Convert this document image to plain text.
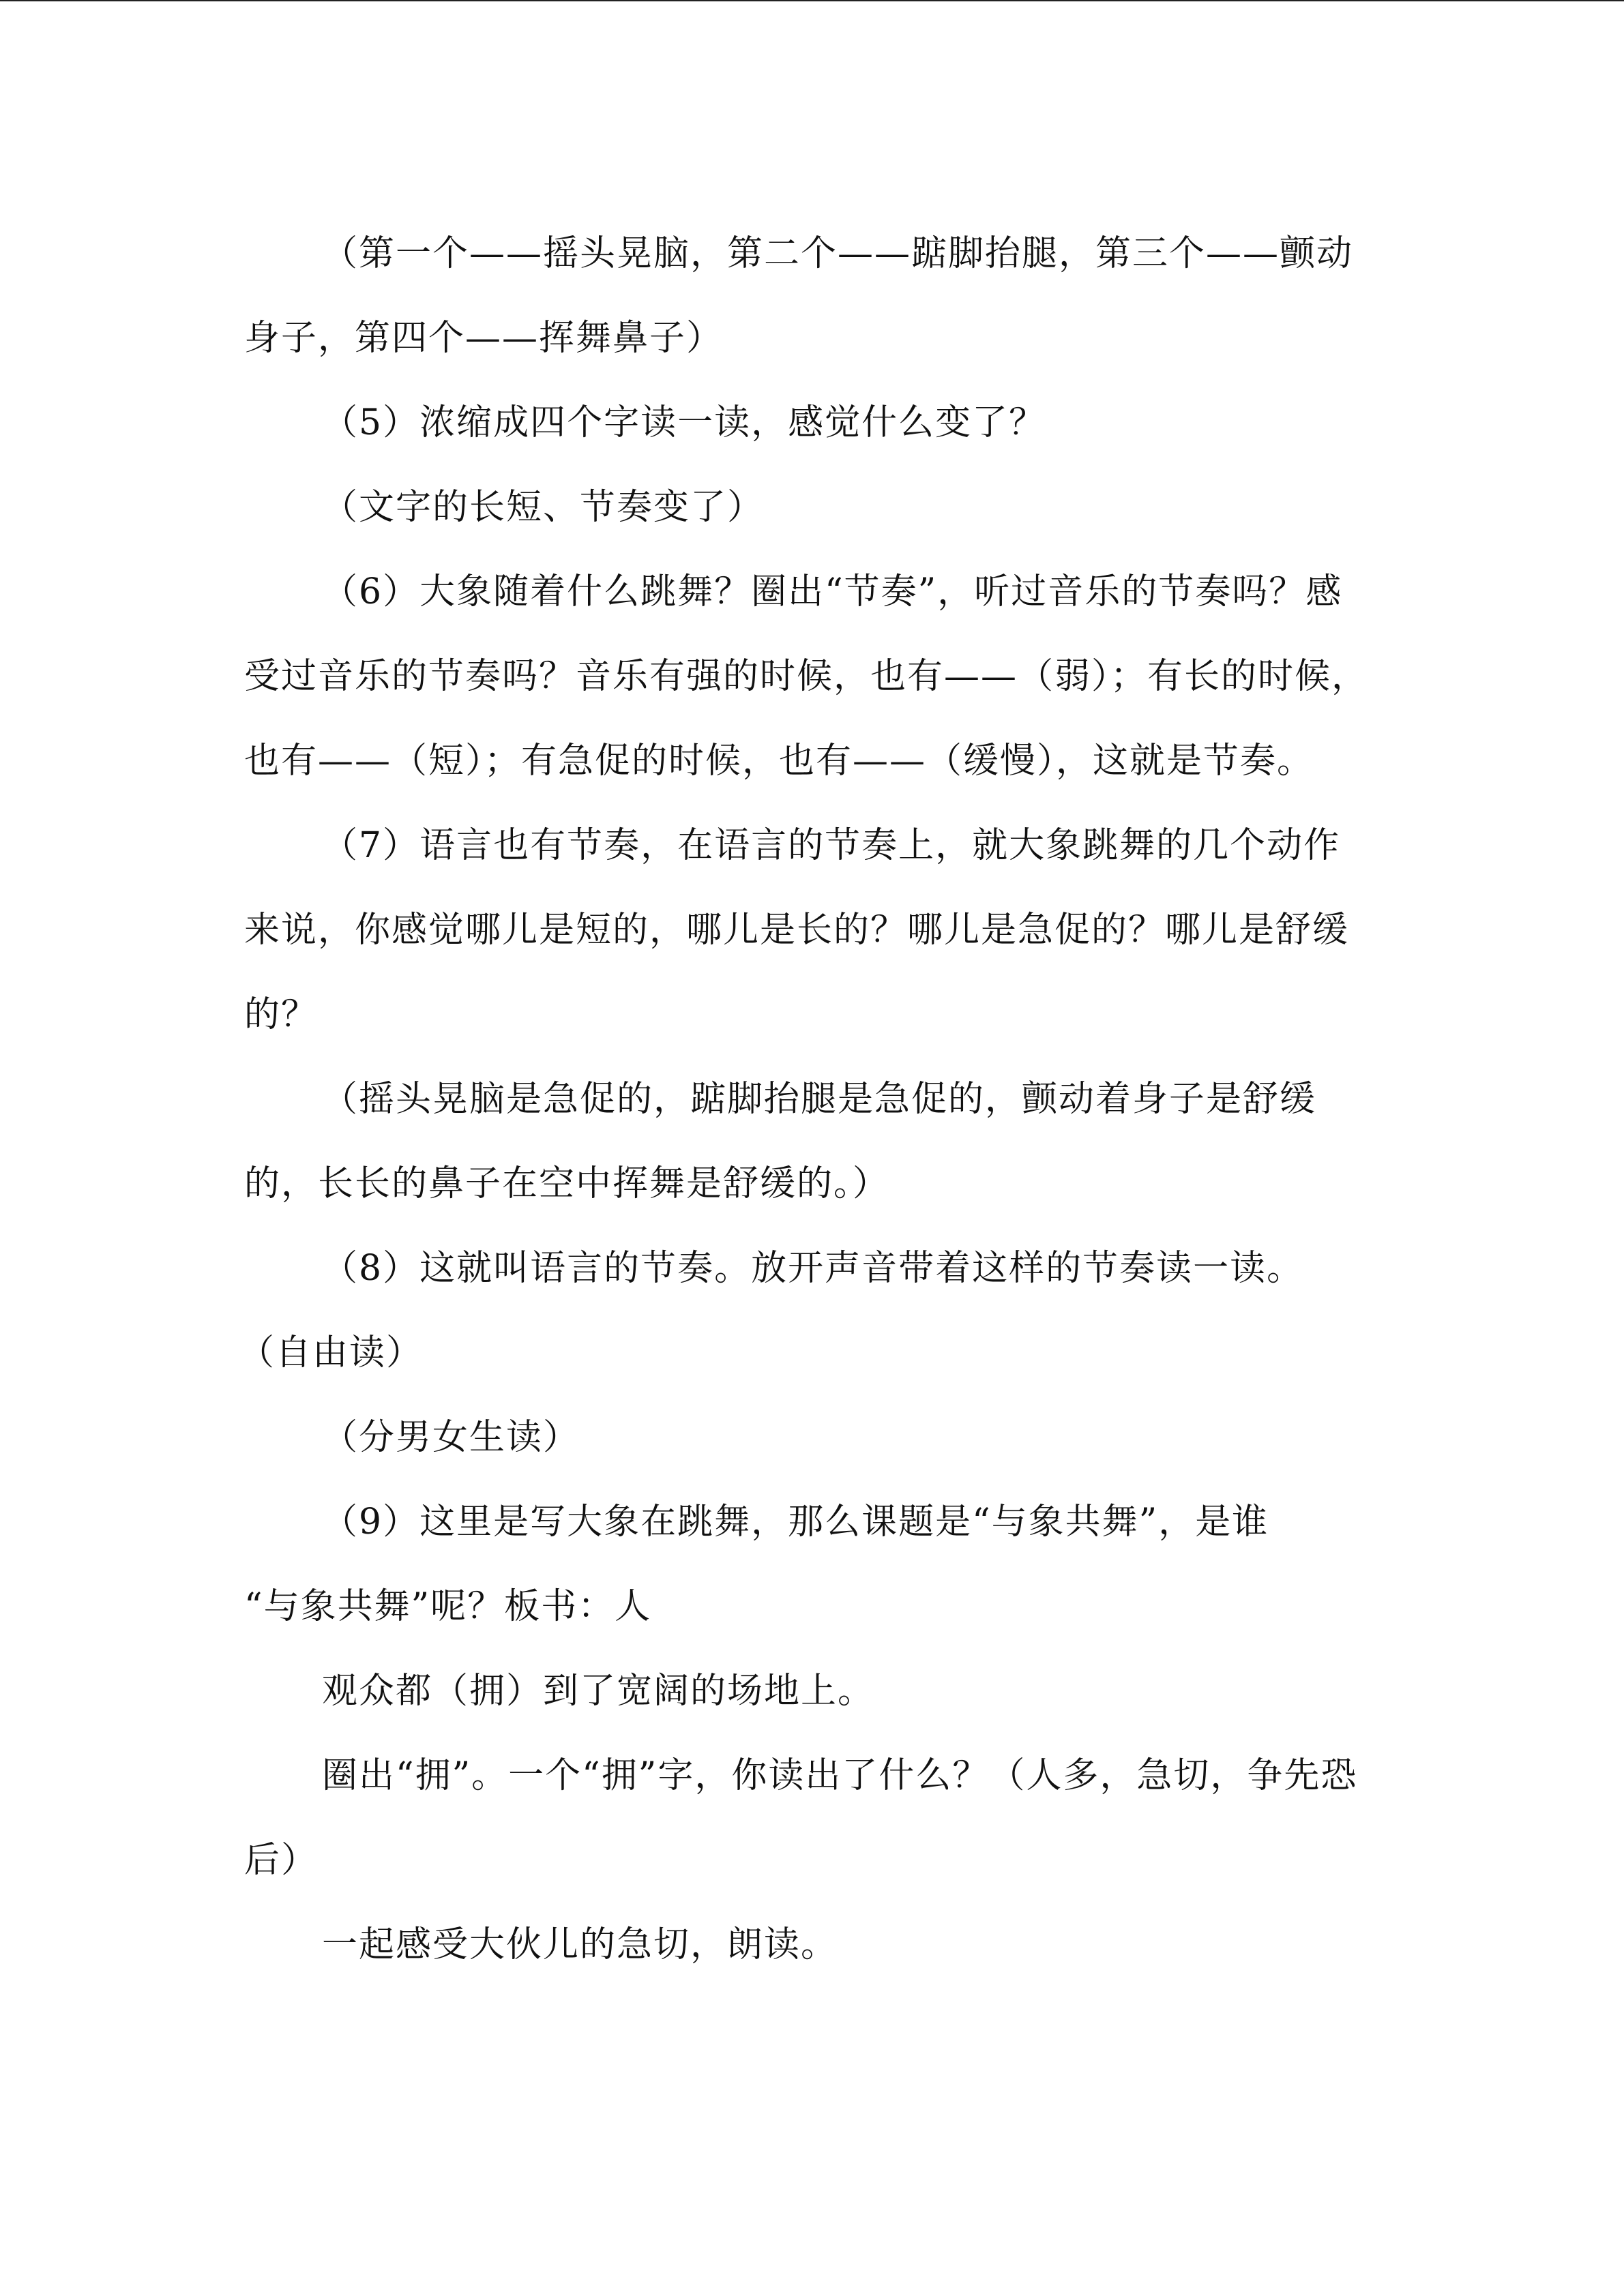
（第一个——摇头晃脑，第二个——踮脚抬腿，第三个——颤动身子，第四个——挥舞鼻子）

（5）浓缩成四个字读一读，感觉什么变了？

（文字的长短、节奏变了）

（6）大象随着什么跳舞？圈出“节奏”，听过音乐的节奏吗？感受过音乐的节奏吗？音乐有强的时候，也有——（弱）；有长的时候，也有——（短）；有急促的时候，也有——（缓慢），这就是节奏。

（7）语言也有节奏，在语言的节奏上，就大象跳舞的几个动作来说，你感觉哪儿是短的，哪儿是长的？哪儿是急促的？哪儿是舒缓的？

（摇头晃脑是急促的，踮脚抬腿是急促的，颤动着身子是舒缓的，长长的鼻子在空中挥舞是舒缓的。）

（8）这就叫语言的节奏。放开声音带着这样的节奏读一读。

（自由读）

（分男女生读）

（9）这里是写大象在跳舞，那么课题是“与象共舞”，是谁

“与象共舞”呢？板书：人

观众都（拥）到了宽阔的场地上。

圈出“拥”。一个“拥”字，你读出了什么？（人多，急切，争先恐后）

一起感受大伙儿的急切，朗读。
